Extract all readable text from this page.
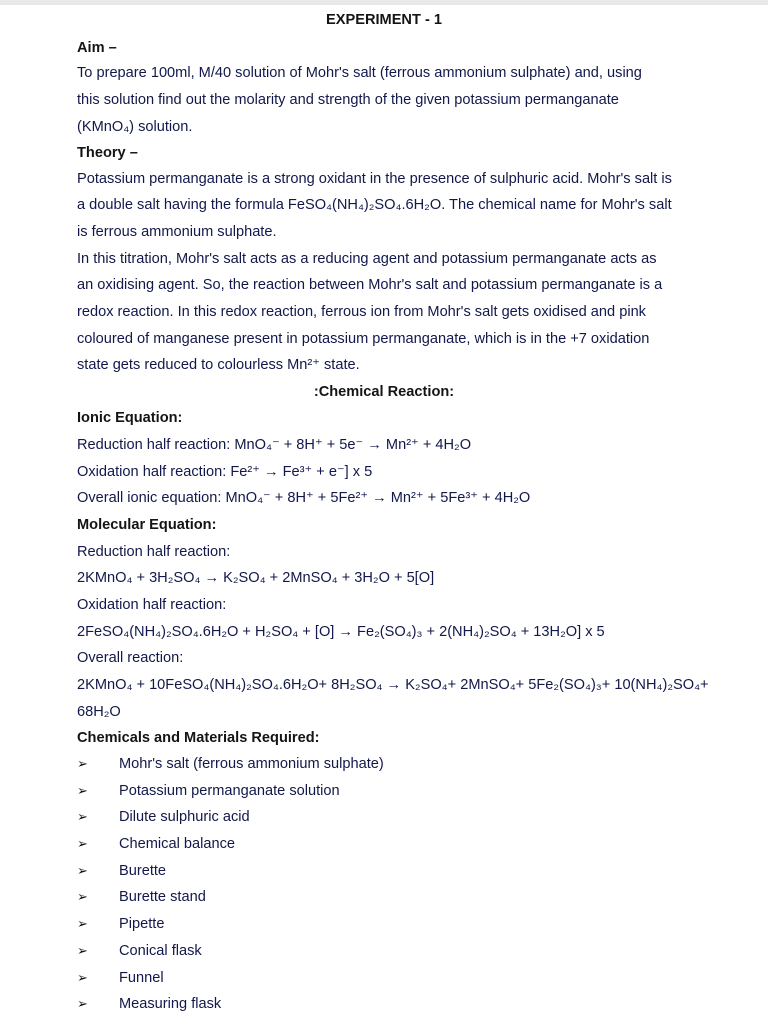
EXPERIMENT - 1
Aim –
To prepare 100ml, M/40 solution of Mohr's salt (ferrous ammonium sulphate) and, using
this solution find out the molarity and strength of the given potassium permanganate
(KMnO₄) solution.
Theory –
Potassium permanganate is a strong oxidant in the presence of sulphuric acid. Mohr's salt is
a double salt having the formula FeSO₄(NH₄)₂SO₄.6H₂O. The chemical name for Mohr's salt
is ferrous ammonium sulphate.
In this titration, Mohr's salt acts as a reducing agent and potassium permanganate acts as
an oxidising agent. So, the reaction between Mohr's salt and potassium permanganate is a
redox reaction. In this redox reaction, ferrous ion from Mohr's salt gets oxidised and pink
coloured of manganese present in potassium permanganate, which is in the +7 oxidation
state gets reduced to colourless Mn²⁺ state.
:Chemical Reaction:
Ionic Equation:
Reduction half reaction: MnO₄⁻ + 8H⁺ + 5e⁻ → Mn²⁺ + 4H₂O
Oxidation half reaction: Fe²⁺ → Fe³⁺ + e⁻] x 5
Overall ionic equation: MnO₄⁻ + 8H⁺ + 5Fe²⁺ → Mn²⁺ + 5Fe³⁺ + 4H₂O
Molecular Equation:
Reduction half reaction:
2KMnO₄ + 3H₂SO₄ → K₂SO₄ + 2MnSO₄ + 3H₂O + 5[O]
Oxidation half reaction:
2FeSO₄(NH₄)₂SO₄.6H₂O + H₂SO₄ + [O] → Fe₂(SO₄)₃ + 2(NH₄)₂SO₄ + 13H₂O] x 5
Overall reaction:
2KMnO₄ + 10FeSO₄(NH₄)₂SO₄.6H₂O+ 8H₂SO₄ → K₂SO₄+ 2MnSO₄+ 5Fe₂(SO₄)₃+ 10(NH₄)₂SO₄+
68H₂O
Chemicals and Materials Required:
➢	Mohr's salt (ferrous ammonium sulphate)
➢	Potassium permanganate solution
➢	Dilute sulphuric acid
➢	Chemical balance
➢	Burette
➢	Burette stand
➢	Pipette
➢	Conical flask
➢	Funnel
➢	Measuring flask
